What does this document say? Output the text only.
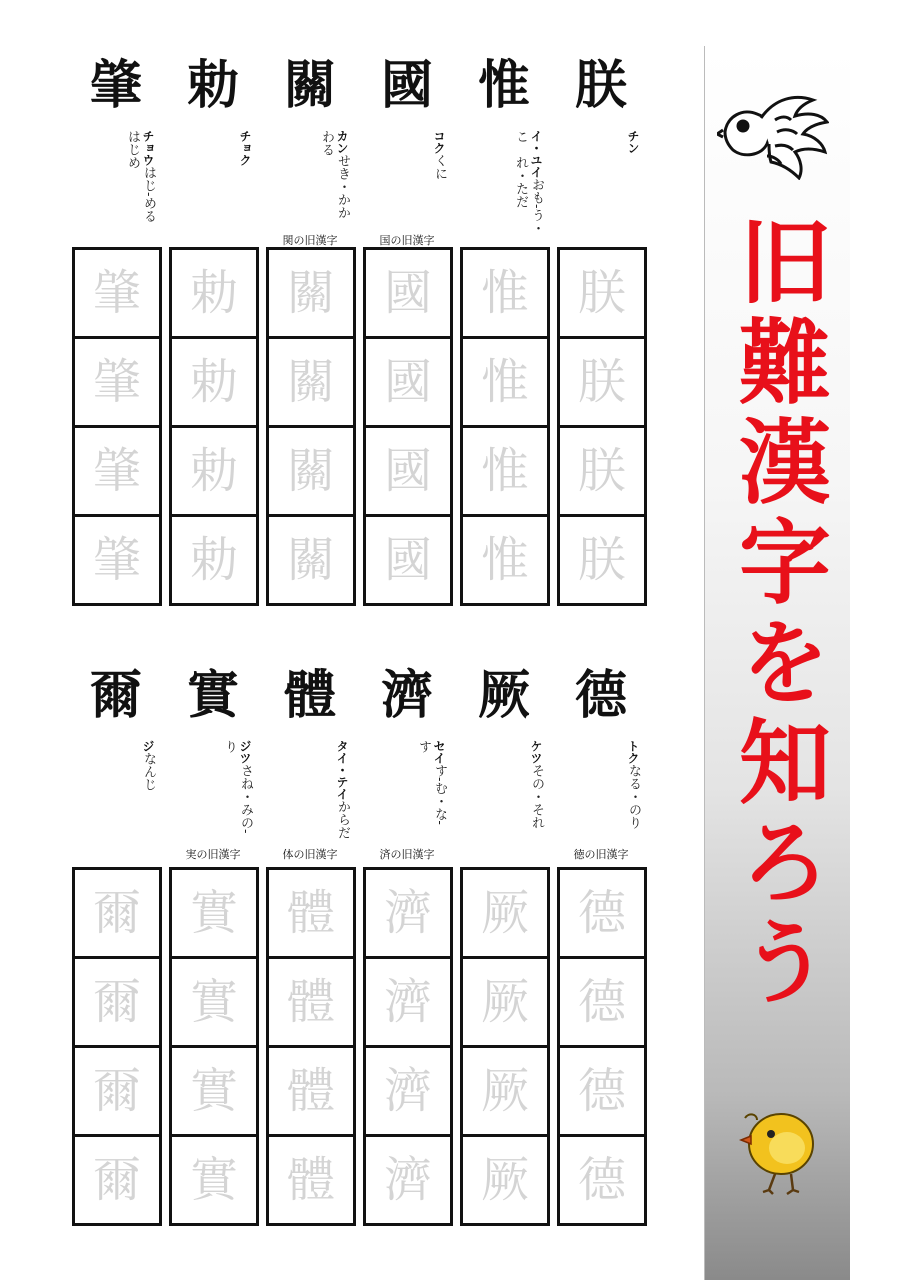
肇
チョウはじ-める　はじめ
肇
肇
肇
肇
勅
チョク
勅
勅
勅
勅
關
カンせき・かか　わる
関の旧漢字
關
關
關
關
國
コクくに
国の旧漢字
國
國
國
國
惟
イ・ユイおも-う・こ　れ・ただ
惟
惟
惟
惟
朕
チン
朕
朕
朕
朕
爾
ジなんじ
爾
爾
爾
爾
實
ジツさね・みの-　り
実の旧漢字
實
實
實
實
體
タイ・テイからだ
体の旧漢字
體
體
體
體
濟
セイす-む・な-　す
済の旧漢字
濟
濟
濟
濟
厥
ケツその・それ
厥
厥
厥
厥
德
トクなる・のり
徳の旧漢字
德
德
德
德
旧難漢字を知ろう
